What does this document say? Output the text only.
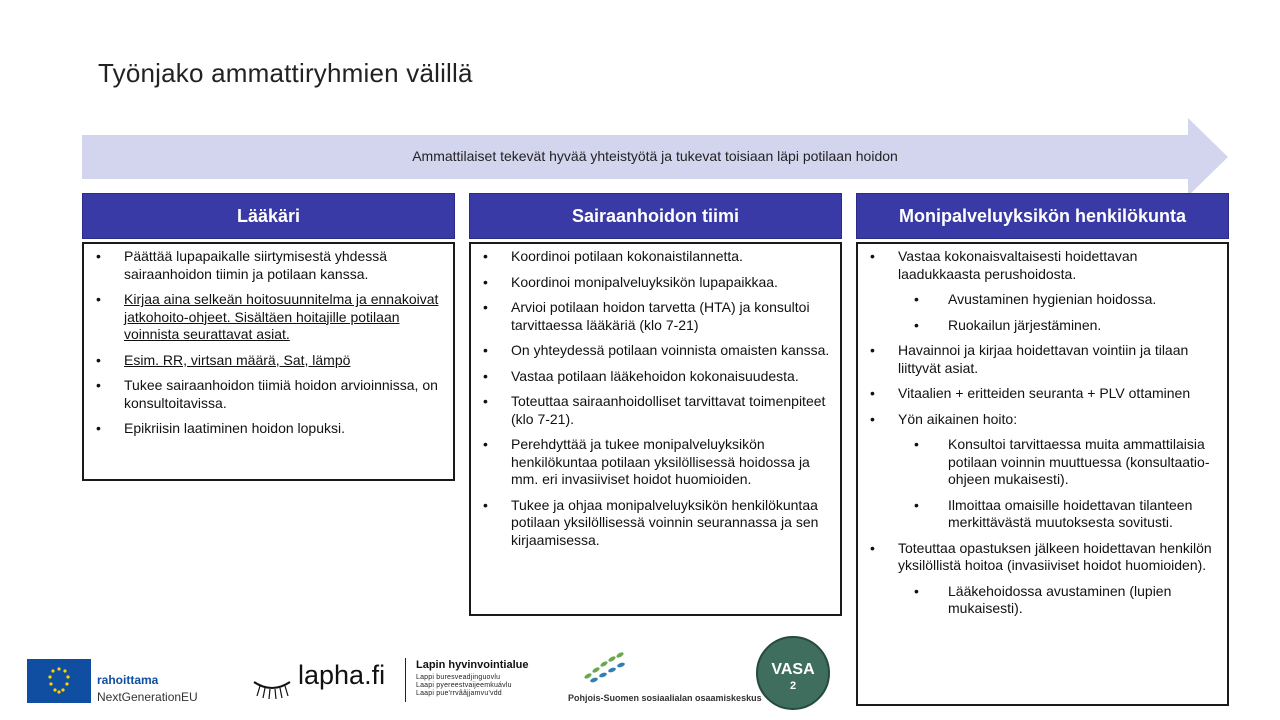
Työnjako ammattiryhmien välillä
Ammattilaiset tekevät hyvää yhteistyötä ja tukevat toisiaan läpi potilaan hoidon
Lääkäri
• Päättää lupapaikalle siirtymisestä yhdessä sairaanhoidon tiimin ja potilaan kanssa.
• Kirjaa aina selkeän hoitosuunnitelma ja ennakoivat jatkohoito-ohjeet. Sisältäen hoitajille potilaan voinnista seurattavat asiat.
• Esim. RR, virtsan määrä, Sat, lämpö
• Tukee sairaanhoidon tiimiä hoidon arvioinnissa, on konsultoitavissa.
• Epikriisin laatiminen hoidon lopuksi.
Sairaanhoidon tiimi
• Koordinoi potilaan kokonaistilannetta.
• Koordinoi monipalveluyksikön lupapaikkaa.
• Arvioi potilaan hoidon tarvetta (HTA) ja konsultoi tarvittaessa lääkäriä (klo 7-21)
• On yhteydessä potilaan voinnista omaisten kanssa.
• Vastaa potilaan lääkehoidon kokonaisuudesta.
• Toteuttaa sairaanhoidolliset tarvittavat toimenpiteet (klo 7-21).
• Perehdyttää ja tukee monipalveluyksikön henkilökuntaa potilaan yksilöllisessä hoidossa ja mm. eri invasiiviset hoidot huomioiden.
• Tukee ja ohjaa monipalveluyksikön henkilökuntaa potilaan yksilöllisessä voinnin seurannassa ja sen kirjaamisessa.
Monipalveluyksikön henkilökunta
• Vastaa kokonaisvaltaisesti hoidettavan laadukkaasta perushoidosta.
• Avustaminen hygienian hoidossa.
• Ruokailun järjestäminen.
• Havainnoi ja kirjaa hoidettavan vointiin ja tilaan liittyvät asiat.
• Vitaalien + eritteiden seuranta + PLV ottaminen
• Yön aikainen hoito:
• Konsultoi tarvittaessa muita ammattilaisia potilaan voinnin muuttuessa (konsultaatio-ohjeen mukaisesti).
• Ilmoittaa omaisille hoidettavan tilanteen merkittävästä muutoksesta sovitusti.
• Toteuttaa opastuksen jälkeen hoidettavan henkilön yksilöllistä hoitoa (invasiiviset hoidot huomioiden).
• Lääkehoidossa avustaminen (lupien mukaisesti).
rahoittama
NextGenerationEU
lapha.fi	Lapin hyvinvointialue
Lappi buresveadjinguovlu
Laapi pyereestvaijeemkuávlu
Laapi pue'rrvââjjamvu'vdd	Pohjois-Suomen sosiaalialan osaamiskeskus
VASA
2
